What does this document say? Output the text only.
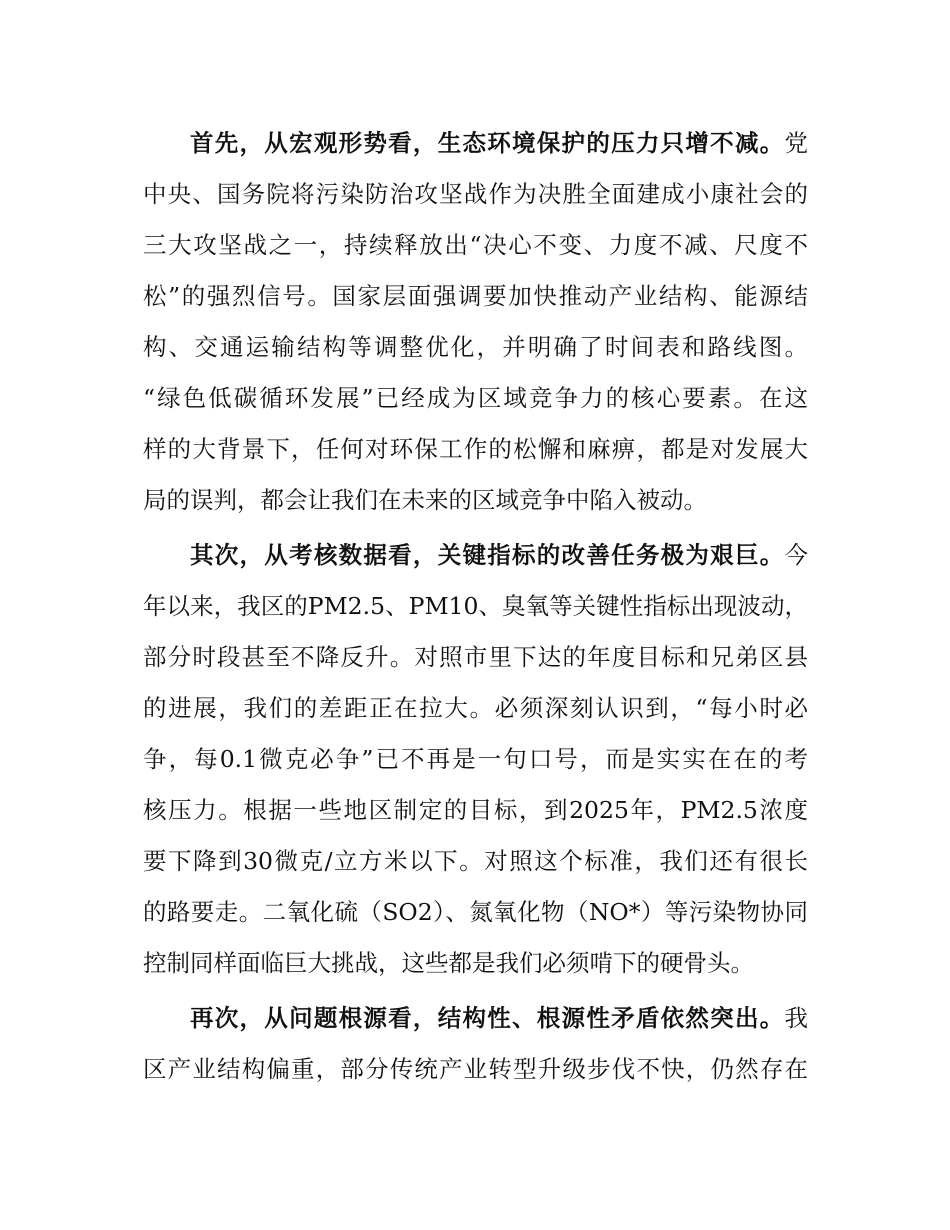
首先，从宏观形势看，生态环境保护的压力只增不减。党
中央、国务院将污染防治攻坚战作为决胜全面建成小康社会的
三大攻坚战之一，持续释放出“决心不变、力度不减、尺度不
松”的强烈信号。国家层面强调要加快推动产业结构、能源结
构、交通运输结构等调整优化，并明确了时间表和路线图。
“绿色低碳循环发展”已经成为区域竞争力的核心要素。在这
样的大背景下，任何对环保工作的松懈和麻痹，都是对发展大
局的误判，都会让我们在未来的区域竞争中陷入被动。
其次，从考核数据看，关键指标的改善任务极为艰巨。今
年以来，我区的PM2.5、PM10、臭氧等关键性指标出现波动，
部分时段甚至不降反升。对照市里下达的年度目标和兄弟区县
的进展，我们的差距正在拉大。必须深刻认识到，“每小时必
争，每0.1微克必争”已不再是一句口号，而是实实在在的考
核压力。根据一些地区制定的目标，到2025年，PM2.5浓度
要下降到30微克/立方米以下。对照这个标准，我们还有很长
的路要走。二氧化硫（SO2）、氮氧化物（NO*）等污染物协同
控制同样面临巨大挑战，这些都是我们必须啃下的硬骨头。
再次，从问题根源看，结构性、根源性矛盾依然突出。我
区产业结构偏重，部分传统产业转型升级步伐不快，仍然存在
